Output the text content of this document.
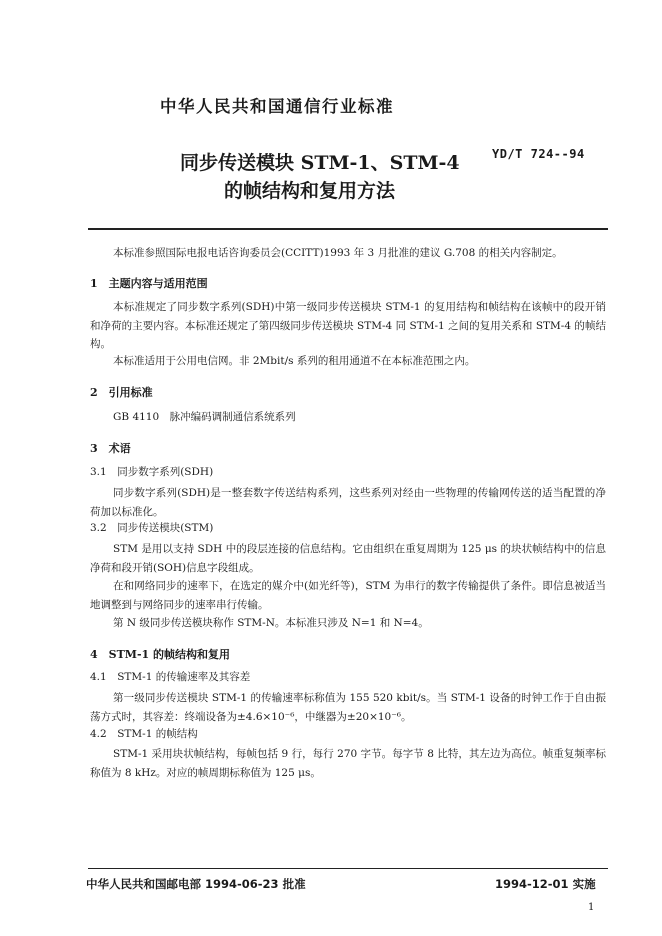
中华人民共和国通信行业标准
同步传送模块 STM-1、STM-4
的帧结构和复用方法
YD/T 724--94
本标准参照国际电报电话咨询委员会(CCITT)1993 年 3 月批准的建议 G.708 的相关内容制定。
1　主题内容与适用范围
本标准规定了同步数字系列(SDH)中第一级同步传送模块 STM-1 的复用结构和帧结构在该帧中的段开销和净荷的主要内容。本标准还规定了第四级同步传送模块 STM-4 同 STM-1 之间的复用关系和 STM-4 的帧结构。
本标准适用于公用电信网。非 2Mbit/s 系列的租用通道不在本标准范围之内。
2　引用标准
GB 4110　脉冲编码调制通信系统系列
3　术语
3.1　同步数字系列(SDH)
同步数字系列(SDH)是一整套数字传送结构系列，这些系列对经由一些物理的传输网传送的适当配置的净荷加以标准化。
3.2　同步传送模块(STM)
STM 是用以支持 SDH 中的段层连接的信息结构。它由组织在重复周期为 125 μs 的块状帧结构中的信息净荷和段开销(SOH)信息字段组成。
在和网络同步的速率下，在选定的媒介中(如光纤等)，STM 为串行的数字传输提供了条件。即信息被适当地调整到与网络同步的速率串行传输。
第 N 级同步传送模块称作 STM-N。本标准只涉及 N=1 和 N=4。
4　STM-1 的帧结构和复用
4.1　STM-1 的传输速率及其容差
第一级同步传送模块 STM-1 的传输速率标称值为 155 520 kbit/s。当 STM-1 设备的时钟工作于自由振荡方式时，其容差：终端设备为±4.6×10⁻⁶，中继器为±20×10⁻⁶。
4.2　STM-1 的帧结构
STM-1 采用块状帧结构，每帧包括 9 行，每行 270 字节。每字节 8 比特，其左边为高位。帧重复频率标称值为 8 kHz。对应的帧周期标称值为 125 μs。
中华人民共和国邮电部 1994-06-23 批准	1994-12-01 实施
1
